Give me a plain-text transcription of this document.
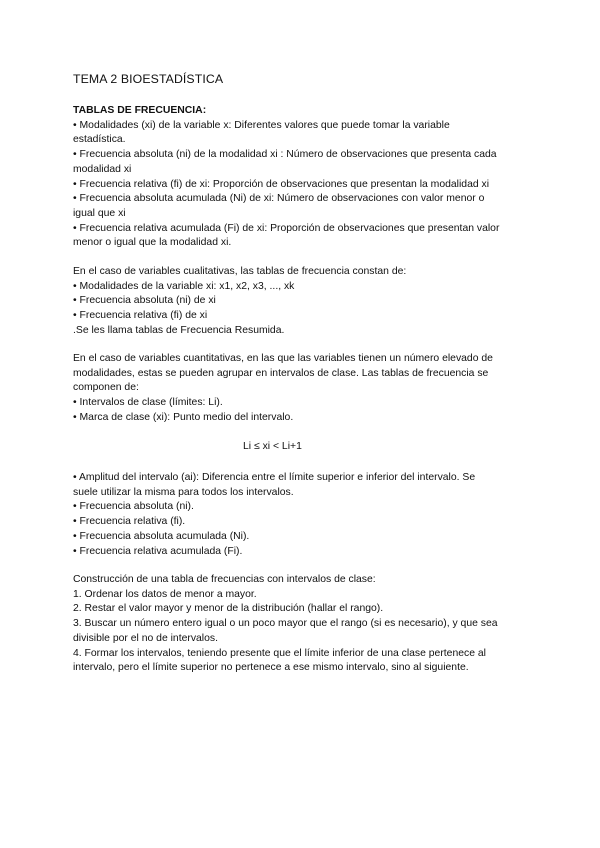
TEMA 2 BIOESTADÍSTICA
TABLAS DE FRECUENCIA:
• Modalidades (xi) de la variable x: Diferentes valores que puede tomar la variable
estadística.
• Frecuencia absoluta (ni) de la modalidad xi : Número de observaciones que presenta cada
modalidad xi
• Frecuencia relativa (fi) de xi: Proporción de observaciones que presentan la modalidad xi
• Frecuencia absoluta acumulada (Ni) de xi: Número de observaciones con valor menor o
igual que xi
• Frecuencia relativa acumulada (Fi) de xi: Proporción de observaciones que presentan valor
menor o igual que la modalidad xi.
En el caso de variables cualitativas, las tablas de frecuencia constan de:
• Modalidades de la variable xi: x1, x2, x3, ..., xk
• Frecuencia absoluta (ni) de xi
• Frecuencia relativa (fi) de xi
.Se les llama tablas de Frecuencia Resumida.
En el caso de variables cuantitativas, en las que las variables tienen un número elevado de
modalidades, estas se pueden agrupar en intervalos de clase. Las tablas de frecuencia se
componen de:
• Intervalos de clase (límites: Li).
• Marca de clase (xi): Punto medio del intervalo.
Li ≤ xi < Li+1
• Amplitud del intervalo (ai): Diferencia entre el límite superior e inferior del intervalo. Se
suele utilizar la misma para todos los intervalos.
• Frecuencia absoluta (ni).
• Frecuencia relativa (fi).
• Frecuencia absoluta acumulada (Ni).
• Frecuencia relativa acumulada (Fi).
Construcción de una tabla de frecuencias con intervalos de clase:
1. Ordenar los datos de menor a mayor.
2. Restar el valor mayor y menor de la distribución (hallar el rango).
3. Buscar un número entero igual o un poco mayor que el rango (si es necesario), y que sea
divisible por el no de intervalos.
4. Formar los intervalos, teniendo presente que el límite inferior de una clase pertenece al
intervalo, pero el límite superior no pertenece a ese mismo intervalo, sino al siguiente.
